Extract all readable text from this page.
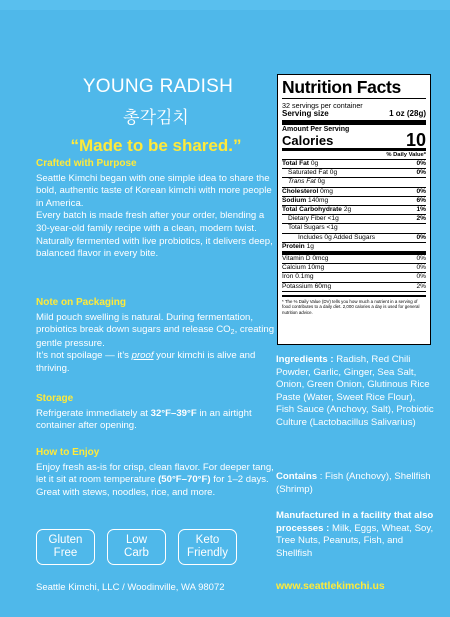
YOUNG RADISH
총각김치
“Made to be shared.”
Crafted with Purpose

Seattle Kimchi began with one simple idea to share the bold, authentic taste of Korean kimchi with more people in America.

Every batch is made fresh after your order, blending a 30-year-old family recipe with a clean, modern twist.

Naturally fermented with live probiotics, it delivers deep, balanced flavor in every bite.

Note on Packaging

Mild pouch swelling is natural. During fermentation, probiotics break down sugars and release $CO_2$, creating gentle pressure.

It’s not spoilage — it’s proof your kimchi is alive and thriving.

Storage

Refrigerate immediately at 32°F–39°F in an airtight container after opening.

How to Enjoy

Enjoy fresh as-is for crisp, clean flavor. For deeper tang, let it sit at room temperature (50°F–70°F) for 1–2 days.

Great with stews, noodles, rice, and more.

Gluten
Free
Low
Carb
Keto
Friendly
Seattle Kimchi, LLC / Woodinville, WA 98072	www.seattlekimchi.us
Nutrition Facts
32 servings per container
Serving size	1 oz (28g)
Amount Per Serving
Calories	10
% Daily Value*
Total Fat 0g	0%
Saturated Fat 0g	0%
Trans Fat 0g
Cholesterol 0mg	0%
Sodium 140mg	6%
Total Carbohydrate 2g	1%
Dietary Fiber <1g	2%
Total Sugars <1g
Includes 0g Added Sugars	0%
Protein 1g
Vitamin D 0mcg	0%
Calcium 10mg	0%
Iron 0.1mg	0%
Potassium 60mg	2%
* The % Daily Value (DV) tells you how much a nutrient in a serving of food contributes to a daily diet. 2,000 calories a day is used for general nutrition advice.
Ingredients : Radish, Red Chili Powder, Garlic, Ginger, Sea Salt, Onion, Green Onion, Glutinous Rice Paste (Water, Sweet Rice Flour), Fish Sauce (Anchovy, Salt), Probiotic Culture (Lactobacillus Salivarius)
Contains : Fish (Anchovy), Shellfish (Shrimp)
Manufactured in a facility that also processes : Milk, Eggs, Wheat, Soy, Tree Nuts, Peanuts, Fish, and Shellfish
